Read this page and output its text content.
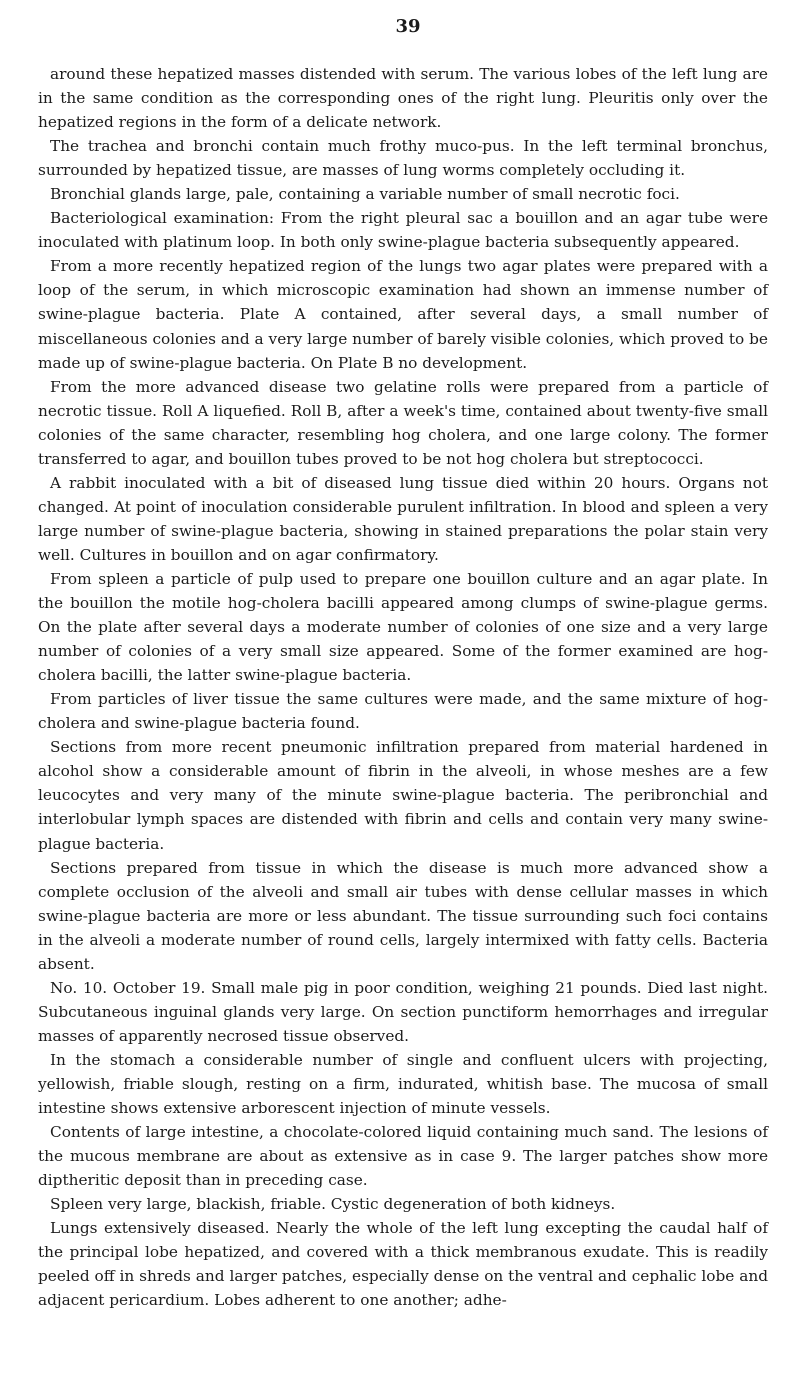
39

around these hepatized masses distended with serum. The various lobes of the left lung are in the same condition as the corresponding ones of the right lung. Pleuritis only over the hepatized regions in the form of a delicate network.

The trachea and bronchi contain much frothy muco-pus. In the left terminal bronchus, surrounded by hepatized tissue, are masses of lung worms completely occluding it.

Bronchial glands large, pale, containing a variable number of small necrotic foci.

Bacteriological examination: From the right pleural sac a bouillon and an agar tube were inoculated with platinum loop. In both only swine-plague bacteria subsequently appeared.

From a more recently hepatized region of the lungs two agar plates were prepared with a loop of the serum, in which microscopic examination had shown an immense number of swine-plague bacteria. Plate A contained, after several days, a small number of miscellaneous colonies and a very large number of barely visible colonies, which proved to be made up of swine-plague bacteria. On Plate B no development.

From the more advanced disease two gelatine rolls were prepared from a particle of necrotic tissue. Roll A liquefied. Roll B, after a week's time, contained about twenty-five small colonies of the same character, resembling hog cholera, and one large colony. The former transferred to agar, and bouillon tubes proved to be not hog cholera but streptococci.

A rabbit inoculated with a bit of diseased lung tissue died within 20 hours. Organs not changed. At point of inoculation considerable purulent infiltration. In blood and spleen a very large number of swine-plague bacteria, showing in stained preparations the polar stain very well. Cultures in bouillon and on agar confirmatory.

From spleen a particle of pulp used to prepare one bouillon culture and an agar plate. In the bouillon the motile hog-cholera bacilli appeared among clumps of swine-plague germs. On the plate after several days a moderate number of colonies of one size and a very large number of colonies of a very small size appeared. Some of the former examined are hog-cholera bacilli, the latter swine-plague bacteria.

From particles of liver tissue the same cultures were made, and the same mixture of hog-cholera and swine-plague bacteria found.

Sections from more recent pneumonic infiltration prepared from material hardened in alcohol show a considerable amount of fibrin in the alveoli, in whose meshes are a few leucocytes and very many of the minute swine-plague bacteria. The peribronchial and interlobular lymph spaces are distended with fibrin and cells and contain very many swine-plague bacteria.

Sections prepared from tissue in which the disease is much more advanced show a complete occlusion of the alveoli and small air tubes with dense cellular masses in which swine-plague bacteria are more or less abundant. The tissue surrounding such foci contains in the alveoli a moderate number of round cells, largely intermixed with fatty cells. Bacteria absent.

No. 10. October 19. Small male pig in poor condition, weighing 21 pounds. Died last night. Subcutaneous inguinal glands very large. On section punctiform hemorrhages and irregular masses of apparently necrosed tissue observed.

In the stomach a considerable number of single and confluent ulcers with projecting, yellowish, friable slough, resting on a firm, indurated, whitish base. The mucosa of small intestine shows extensive arborescent injection of minute vessels.

Contents of large intestine, a chocolate-colored liquid containing much sand. The lesions of the mucous membrane are about as extensive as in case 9. The larger patches show more diptheritic deposit than in preceding case.

Spleen very large, blackish, friable. Cystic degeneration of both kidneys.

Lungs extensively diseased. Nearly the whole of the left lung excepting the caudal half of the principal lobe hepatized, and covered with a thick membranous exudate. This is readily peeled off in shreds and larger patches, especially dense on the ventral and cephalic lobe and adjacent pericardium. Lobes adherent to one another; adhe-
